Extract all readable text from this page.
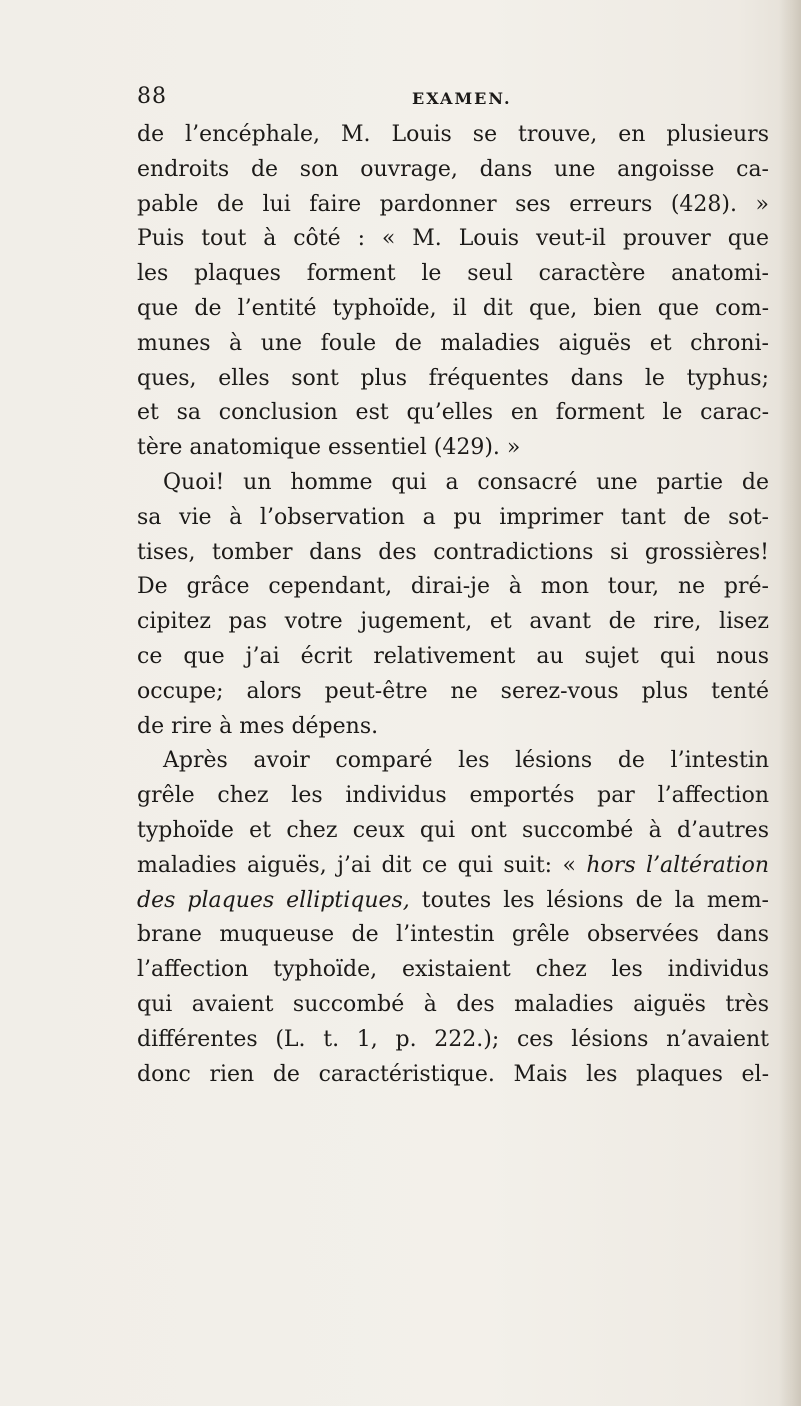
88	EXAMEN.
de l’encéphale, M. Louis se trouve, en plusieurs
endroits de son ouvrage, dans une angoisse ca-
pable de lui faire pardonner ses erreurs (428). »
Puis tout à côté : « M. Louis veut-il prouver que
les plaques forment le seul caractère anatomi-
que de l’entité typhoïde, il dit que, bien que com-
munes à une foule de maladies aiguës et chroni-
ques, elles sont plus fréquentes dans le typhus;
et sa conclusion est qu’elles en forment le carac-
tère anatomique essentiel (429). »
Quoi! un homme qui a consacré une partie de
sa vie à l’observation a pu imprimer tant de sot-
tises, tomber dans des contradictions si grossières!
De grâce cependant, dirai-je à mon tour, ne pré-
cipitez pas votre jugement, et avant de rire, lisez
ce que j’ai écrit relativement au sujet qui nous
occupe; alors peut-être ne serez-vous plus tenté
de rire à mes dépens.
Après avoir comparé les lésions de l’intestin
grêle chez les individus emportés par l’affection
typhoïde et chez ceux qui ont succombé à d’autres
maladies aiguës, j’ai dit ce qui suit: « hors l’altération
des plaques elliptiques, toutes les lésions de la mem-
brane muqueuse de l’intestin grêle observées dans
l’affection typhoïde, existaient chez les individus
qui avaient succombé à des maladies aiguës très
différentes (L. t. 1, p. 222.); ces lésions n’avaient
donc rien de caractéristique. Mais les plaques el-
